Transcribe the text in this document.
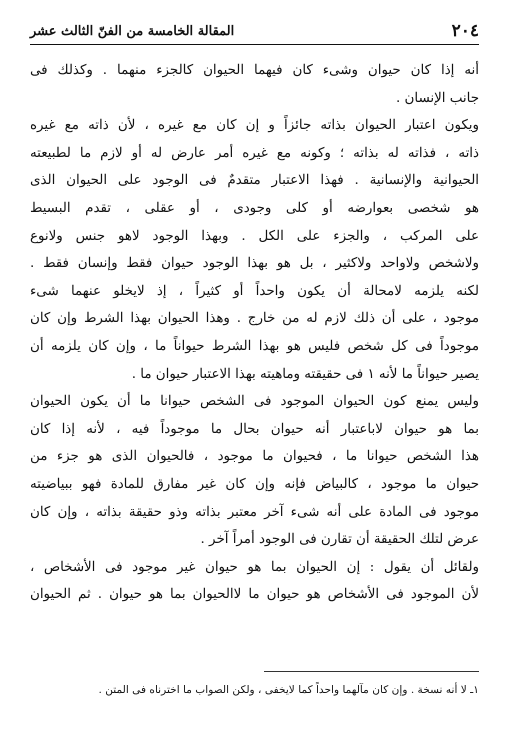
٢٠٤
المقالة الخامسة من الفنّ الثالث عشر
أنه إذا كان حيوان وشىء كان فيهما الحيوان كالجزء منهما . وكذلك فى
جانب الإنسان .
ويكون اعتبار الحيوان بذاته جائزاً و إن كان مع غيره ، لأن ذاته مع غيره
ذاته ، فذاته له بذاته ؛ وكونه مع غيره أمر عارض له أو لازم ما لطبيعته
الحيوانية والإنسانية . فهذا الاعتبار متقدمٌ فى الوجود على الحيوان الذى
هو شخصى بعوارضه أو كلى وجودى ، أو عقلى ، تقدم البسيط
على المركب ، والجزء على الكل . وبهذا الوجود لاهو جنس ولانوع
ولاشخص ولاواحد ولاكثير ، بل هو بهذا الوجود حيوان فقط وإنسان فقط .
لكنه يلزمه لامحالة أن يكون واحداً أو كثيراً ، إذ لايخلو عنهما شىء
موجود ، على أن ذلك لازم له من خارج . وهذا الحيوان بهذا الشرط وإن كان
موجوداً فى كل شخص فليس هو بهذا الشرط حيواناً ما ، وإن كان يلزمه أن
يصير حيواناً ما لأنه ١ فى حقيقته وماهيته بهذا الاعتبار حيوان ما .
وليس يمنع كون الحيوان الموجود فى الشخص حيوانا ما أن يكون الحيوان
بما هو حيوان لاباعتبار أنه حيوان بحال ما موجوداً فيه ، لأنه إذا كان
هذا الشخص حيوانا ما ، فحيوان ما موجود ، فالحيوان الذى هو جزء من
حيوان ما موجود ، كالبياض فإنه وإن كان غير مفارق للمادة فهو ببياضيته
موجود فى المادة على أنه شىء آخر معتبر بذاته وذو حقيقة بذاته ، وإن كان
عرض لتلك الحقيقة أن تقارن فى الوجود أمراً آخر .
ولقائل أن يقول : إن الحيوان بما هو حيوان غير موجود فى الأشخاص ،
لأن الموجود فى الأشخاص هو حيوان ما لاالحيوان بما هو حيوان . ثم الحيوان
١ـ لا أنه نسخة . وإن كان مآلهما واحداً كما لايخفى ، ولكن الصواب ما اخترناه فى المتن .
